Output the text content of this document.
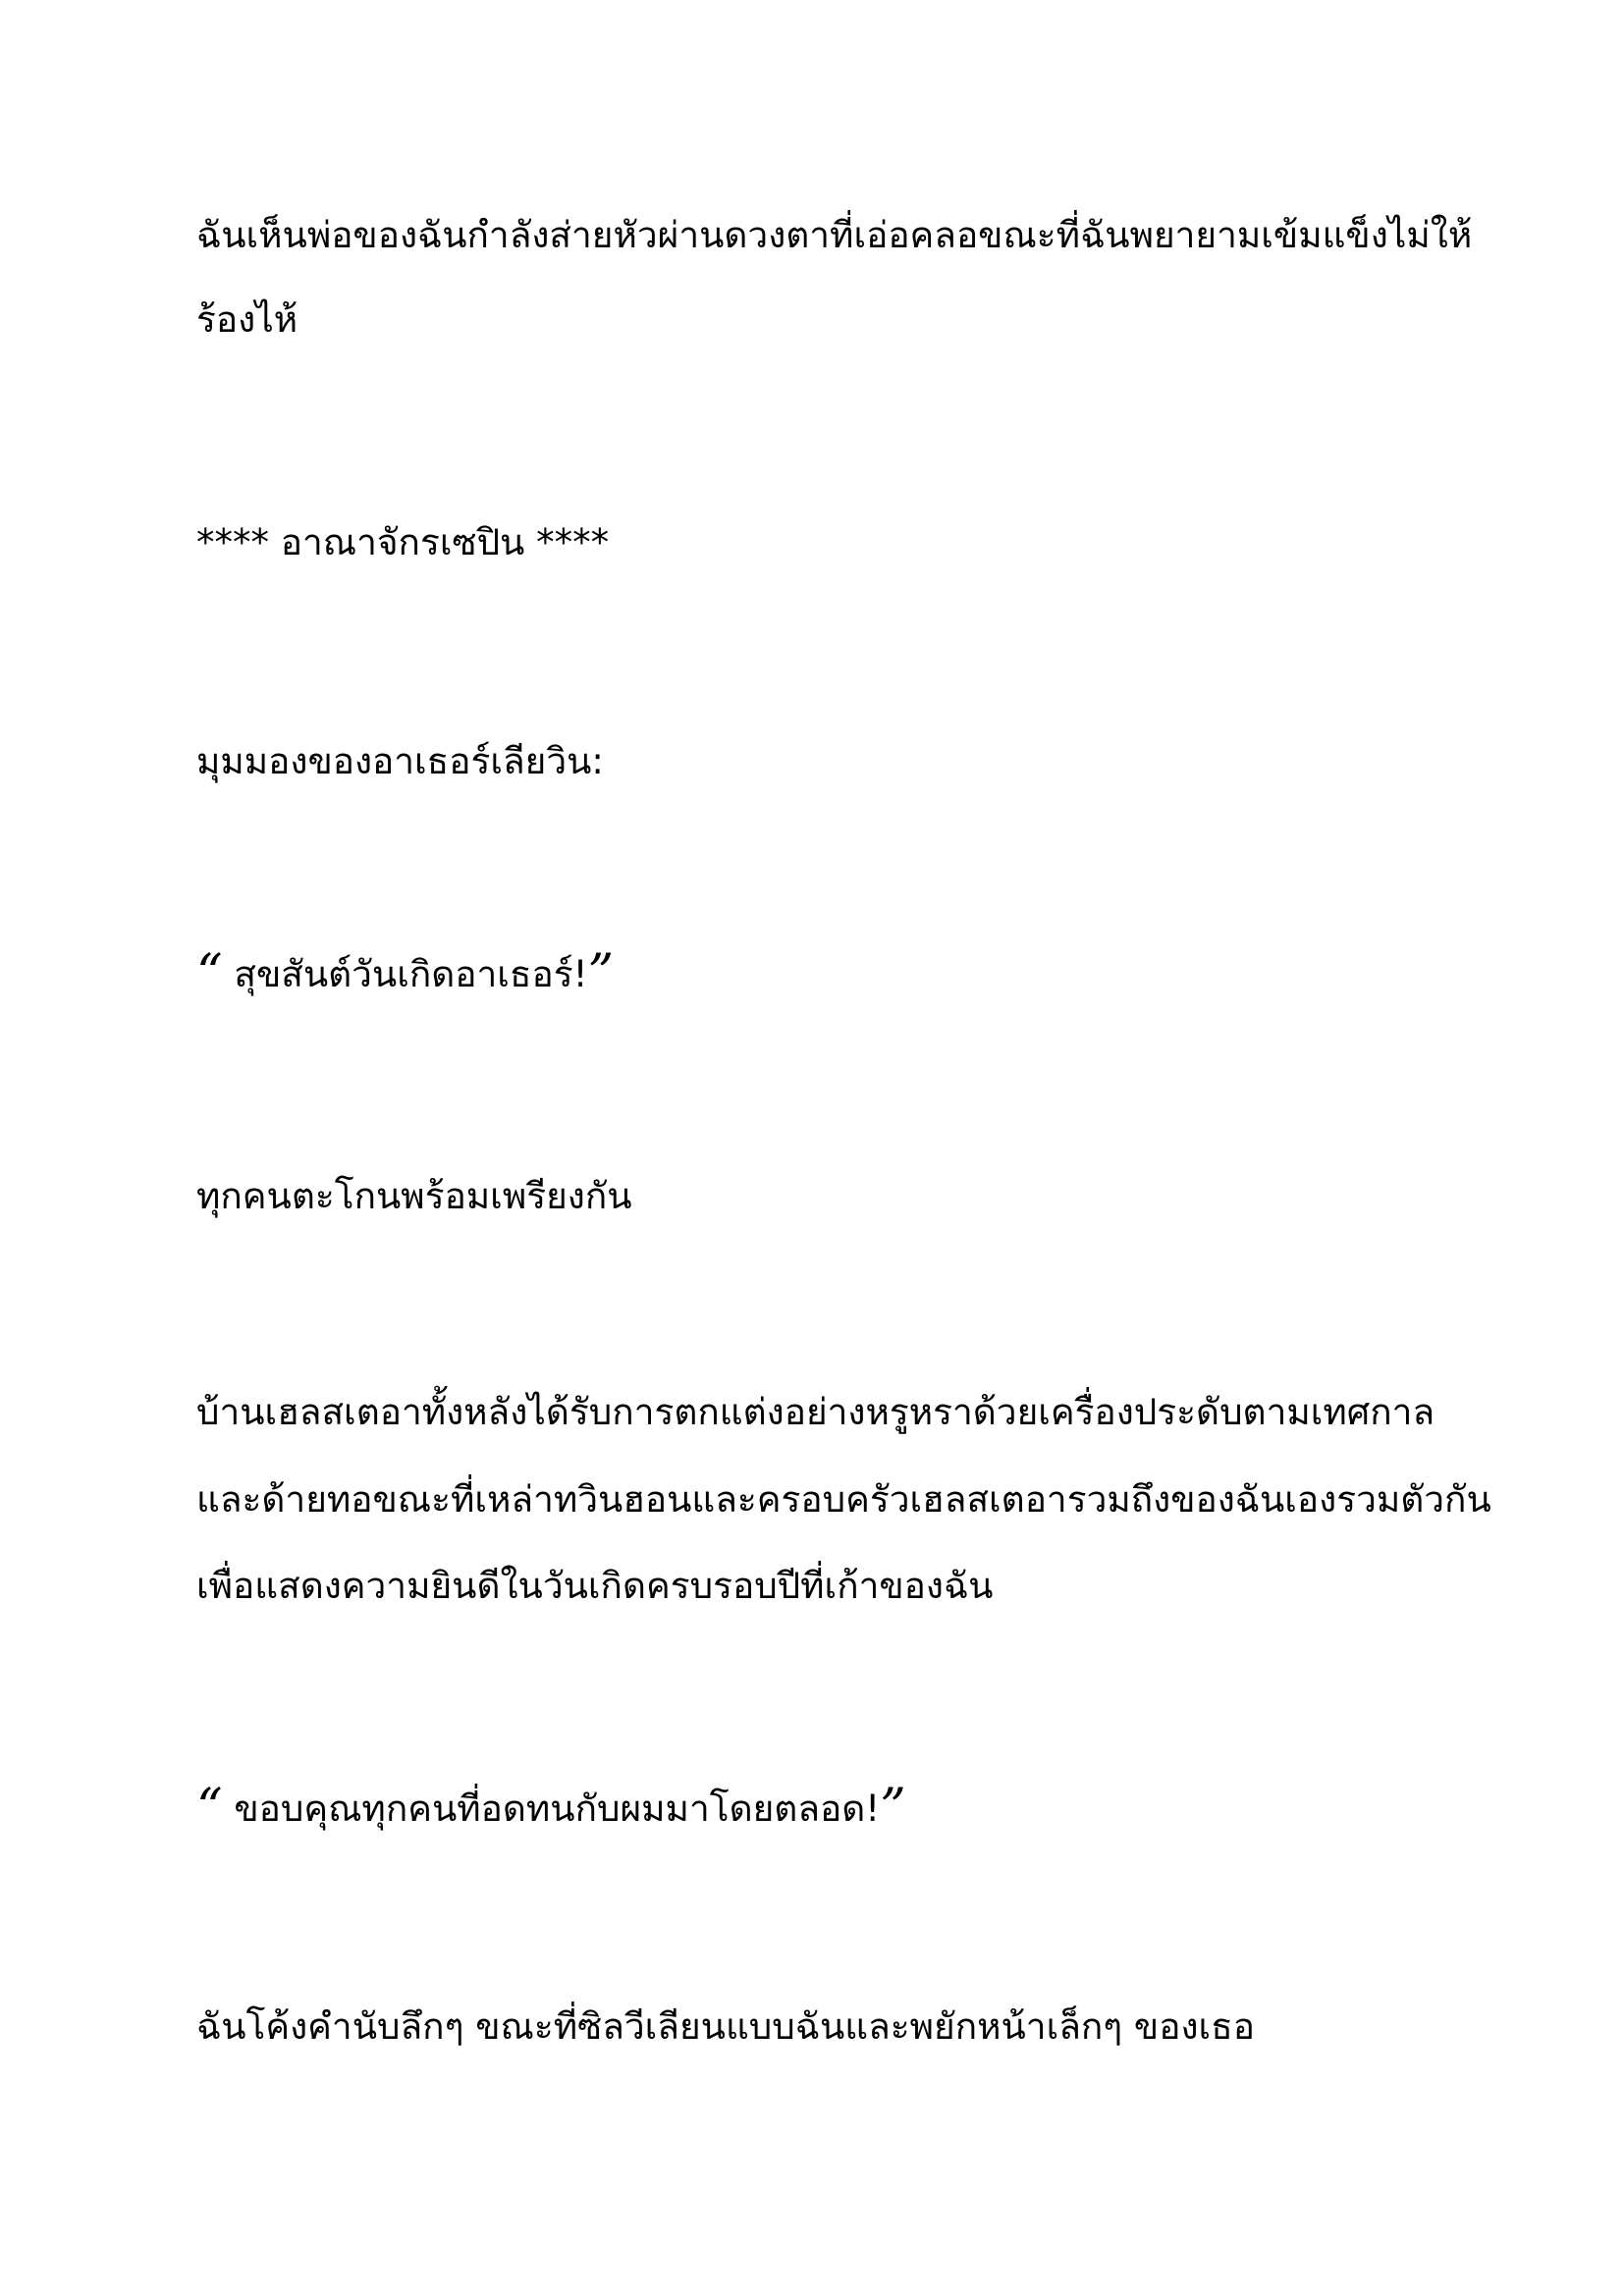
ฉันเห็นพ่อของฉันกำลังส่ายหัวผ่านดวงตาที่เอ่อคลอขณะที่ฉันพยายามเข้มแข็งไม่ให้
ร้องไห้
**** อาณาจักรเซปิน ****
มุมมองของอาเธอร์เลียวิน:
“ สุขสันต์วันเกิดอาเธอร์!”
ทุกคนตะโกนพร้อมเพรียงกัน
บ้านเฮลสเตอาทั้งหลังได้รับการตกแต่งอย่างหรูหราด้วยเครื่องประดับตามเทศกาล
และด้ายทอขณะที่เหล่าทวินฮอนและครอบครัวเฮลสเตอารวมถึงของฉันเองรวมตัวกัน
เพื่อแสดงความยินดีในวันเกิดครบรอบปีที่เก้าของฉัน
“ ขอบคุณทุกคนที่อดทนกับผมมาโดยตลอด!”
ฉันโค้งคำนับลึกๆ ขณะที่ซิลวีเลียนแบบฉันและพยักหน้าเล็กๆ ของเธอ
